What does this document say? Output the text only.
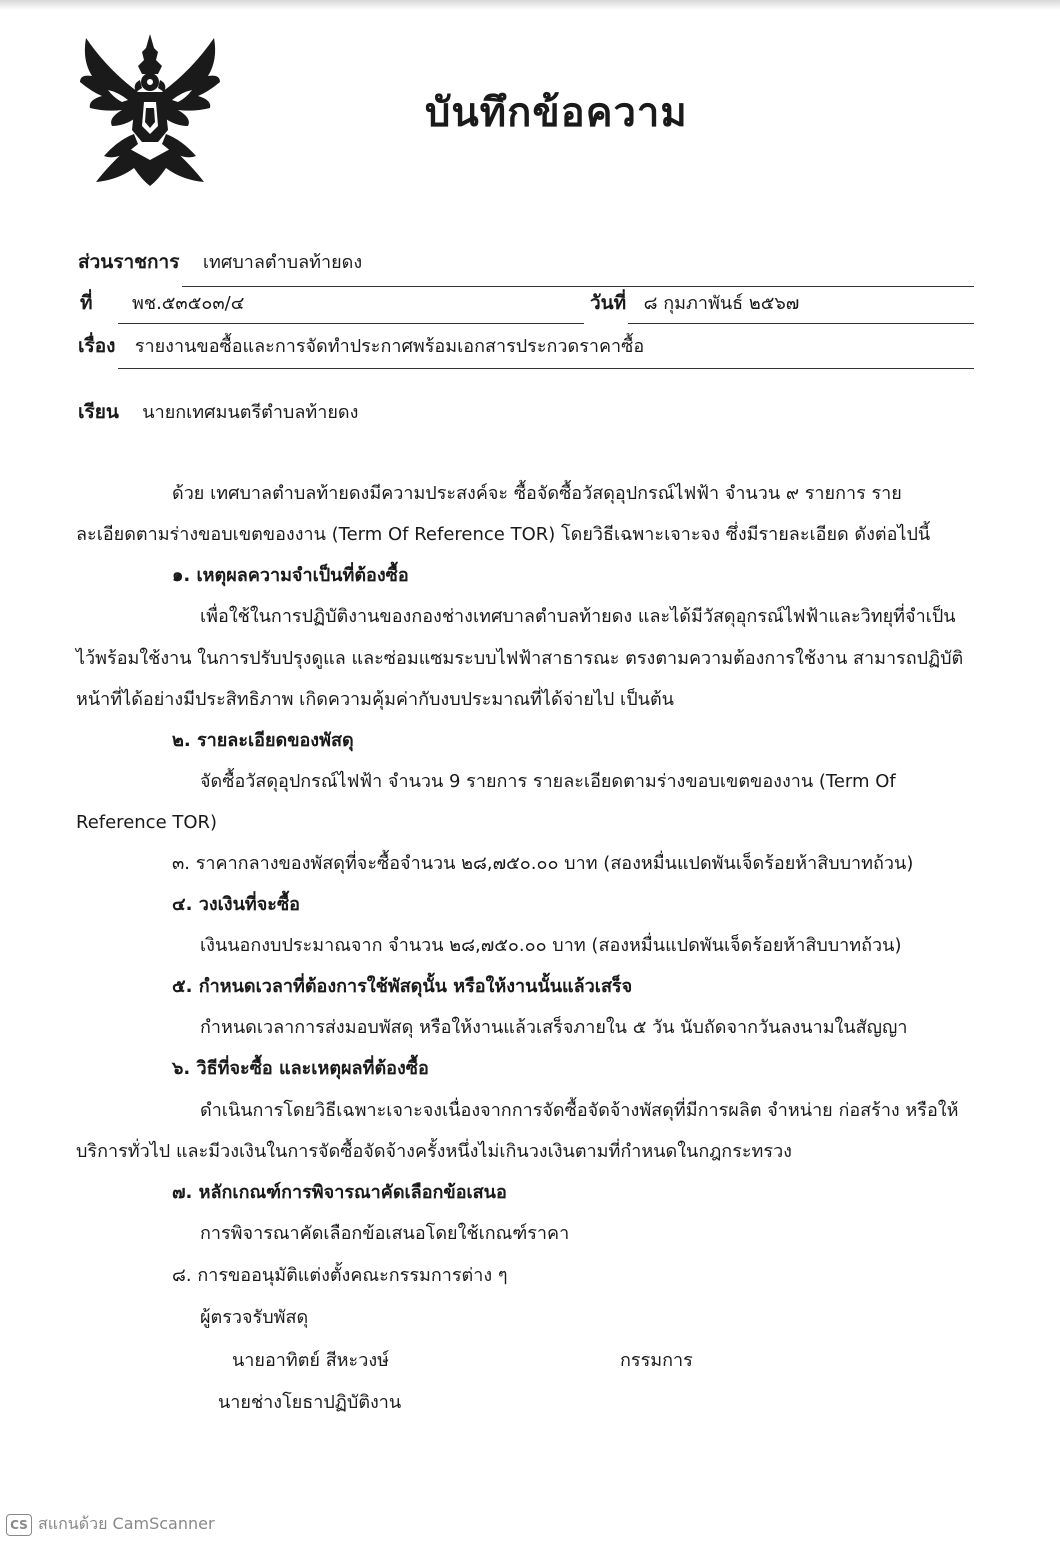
บันทึกข้อความ
ส่วนราชการ เทศบาลตำบลท้ายดง
ที่ พช.๕๓๕๐๓/๔	วันที่ ๘ กุมภาพันธ์ ๒๕๖๗
เรื่อง รายงานขอซื้อและการจัดทำประกาศพร้อมเอกสารประกวดราคาซื้อ
เรียน นายกเทศมนตรีตำบลท้ายดง
ด้วย เทศบาลตำบลท้ายดงมีความประสงค์จะ ซื้อจัดซื้อวัสดุอุปกรณ์ไฟฟ้า จำนวน ๙ รายการ ราย
ละเอียดตามร่างขอบเขตของงาน (Term Of Reference TOR) โดยวิธีเฉพาะเจาะจง ซึ่งมีรายละเอียด ดังต่อไปนี้
๑. เหตุผลความจำเป็นที่ต้องซื้อ
เพื่อใช้ในการปฏิบัติงานของกองช่างเทศบาลตำบลท้ายดง และได้มีวัสดุอุกรณ์ไฟฟ้าและวิทยุที่จำเป็น
ไว้พร้อมใช้งาน ในการปรับปรุงดูแล และซ่อมแซมระบบไฟฟ้าสาธารณะ ตรงตามความต้องการใช้งาน สามารถปฏิบัติ
หน้าที่ได้อย่างมีประสิทธิภาพ เกิดความคุ้มค่ากับงบประมาณที่ได้จ่ายไป เป็นต้น
๒. รายละเอียดของพัสดุ
จัดซื้อวัสดุอุปกรณ์ไฟฟ้า จำนวน 9 รายการ รายละเอียดตามร่างขอบเขตของงาน (Term Of
Reference TOR)
๓. ราคากลางของพัสดุที่จะซื้อจำนวน ๒๘,๗๕๐.๐๐ บาท (สองหมื่นแปดพันเจ็ดร้อยห้าสิบบาทถ้วน)
๔. วงเงินที่จะซื้อ
เงินนอกงบประมาณจาก จำนวน ๒๘,๗๕๐.๐๐ บาท (สองหมื่นแปดพันเจ็ดร้อยห้าสิบบาทถ้วน)
๕. กำหนดเวลาที่ต้องการใช้พัสดุนั้น หรือให้งานนั้นแล้วเสร็จ
กำหนดเวลาการส่งมอบพัสดุ หรือให้งานแล้วเสร็จภายใน ๕ วัน นับถัดจากวันลงนามในสัญญา
๖. วิธีที่จะซื้อ และเหตุผลที่ต้องซื้อ
ดำเนินการโดยวิธีเฉพาะเจาะจงเนื่องจากการจัดซื้อจัดจ้างพัสดุที่มีการผลิต จำหน่าย ก่อสร้าง หรือให้
บริการทั่วไป และมีวงเงินในการจัดซื้อจัดจ้างครั้งหนึ่งไม่เกินวงเงินตามที่กำหนดในกฎกระทรวง
๗. หลักเกณฑ์การพิจารณาคัดเลือกข้อเสนอ
การพิจารณาคัดเลือกข้อเสนอโดยใช้เกณฑ์ราคา
๘. การขออนุมัติแต่งตั้งคณะกรรมการต่าง ๆ
ผู้ตรวจรับพัสดุ
นายอาทิตย์ สีหะวงษ์	กรรมการ
นายช่างโยธาปฏิบัติงาน
CS สแกนด้วย CamScanner
